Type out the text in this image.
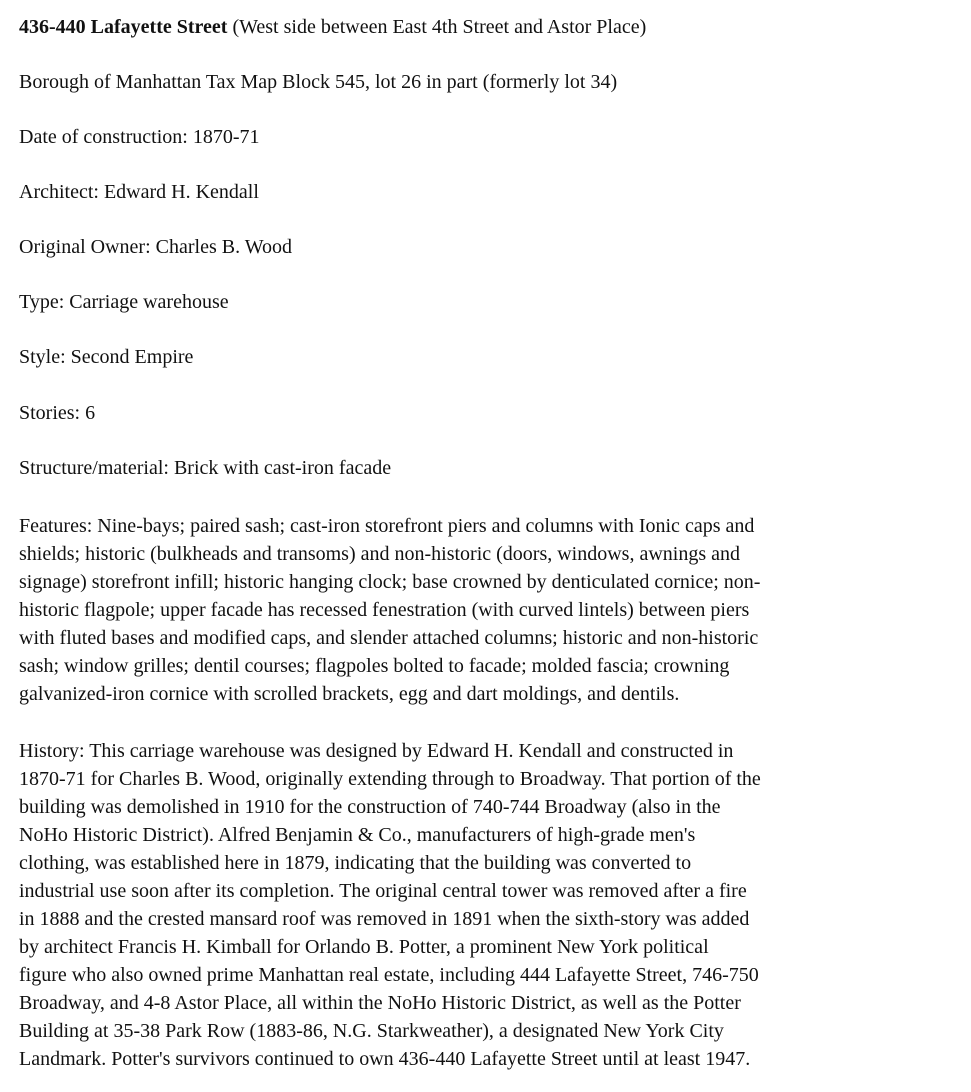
436-440 Lafayette Street (West side between East 4th Street and Astor Place)

Borough of Manhattan Tax Map Block 545, lot 26 in part (formerly lot 34)

Date of construction: 1870-71

Architect: Edward H. Kendall

Original Owner: Charles B. Wood

Type: Carriage warehouse

Style: Second Empire

Stories: 6

Structure/material: Brick with cast-iron facade

Features: Nine-bays; paired sash; cast-iron storefront piers and columns with Ionic caps and
shields; historic (bulkheads and transoms) and non-historic (doors, windows, awnings and
signage) storefront infill; historic hanging clock; base crowned by denticulated cornice; non-
historic flagpole; upper facade has recessed fenestration (with curved lintels) between piers
with fluted bases and modified caps, and slender attached columns; historic and non-historic
sash; window grilles; dentil courses; flagpoles bolted to facade; molded fascia; crowning
galvanized-iron cornice with scrolled brackets, egg and dart moldings, and dentils.

History: This carriage warehouse was designed by Edward H. Kendall and constructed in
1870-71 for Charles B. Wood, originally extending through to Broadway. That portion of the
building was demolished in 1910 for the construction of 740-744 Broadway (also in the
NoHo Historic District). Alfred Benjamin & Co., manufacturers of high-grade men's
clothing, was established here in 1879, indicating that the building was converted to
industrial use soon after its completion. The original central tower was removed after a fire
in 1888 and the crested mansard roof was removed in 1891 when the sixth-story was added
by architect Francis H. Kimball for Orlando B. Potter, a prominent New York political
figure who also owned prime Manhattan real estate, including 444 Lafayette Street, 746-750
Broadway, and 4-8 Astor Place, all within the NoHo Historic District, as well as the Potter
Building at 35-38 Park Row (1883-86, N.G. Starkweather), a designated New York City
Landmark. Potter's survivors continued to own 436-440 Lafayette Street until at least 1947.
